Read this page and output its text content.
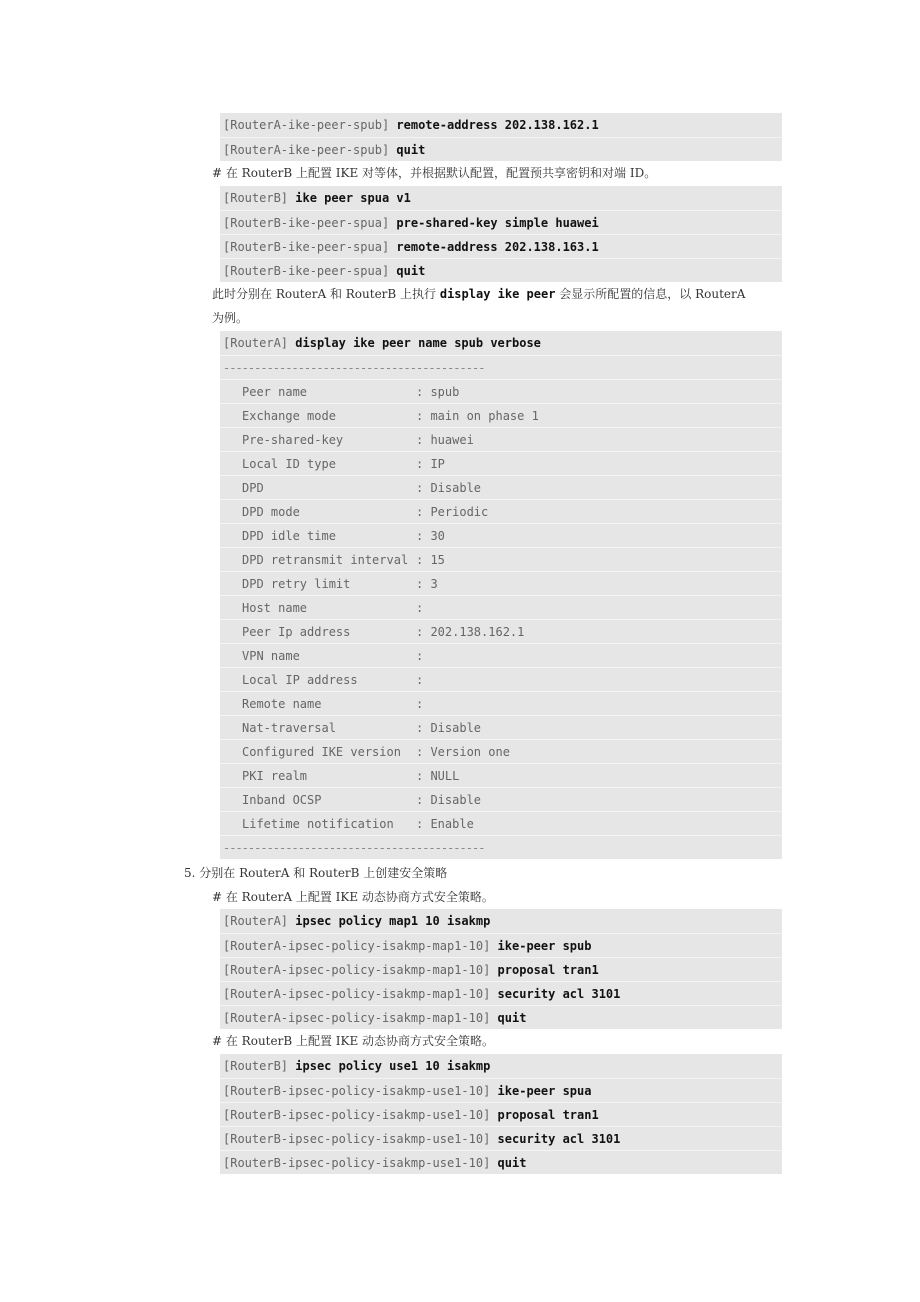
[RouterA-ike-peer-spub] remote-address 202.138.162.1
[RouterA-ike-peer-spub] quit
# 在 RouterB 上配置 IKE 对等体，并根据默认配置，配置预共享密钥和对端 ID。
[RouterB] ike peer spua v1
[RouterB-ike-peer-spua] pre-shared-key simple huawei
[RouterB-ike-peer-spua] remote-address 202.138.163.1
[RouterB-ike-peer-spua] quit
此时分别在 RouterA 和 RouterB 上执行 display ike peer 会显示所配置的信息，以 RouterA
为例。
[RouterA] display ike peer name spub verbose
------------------------------------------
Peer name	: spub
Exchange mode	: main on phase 1
Pre-shared-key	: huawei
Local ID type	: IP
DPD	: Disable
DPD mode	: Periodic
DPD idle time	: 30
DPD retransmit interval : 15
DPD retry limit	: 3
Host name	:
Peer Ip address	: 202.138.162.1
VPN name	:
Local IP address	:
Remote name	:
Nat-traversal	: Disable
Configured IKE version : Version one
PKI realm	: NULL
Inband OCSP	: Disable
Lifetime notification : Enable
------------------------------------------
5. 分别在 RouterA 和 RouterB 上创建安全策略
# 在 RouterA 上配置 IKE 动态协商方式安全策略。
[RouterA] ipsec policy map1 10 isakmp
[RouterA-ipsec-policy-isakmp-map1-10] ike-peer spub
[RouterA-ipsec-policy-isakmp-map1-10] proposal tran1
[RouterA-ipsec-policy-isakmp-map1-10] security acl 3101
[RouterA-ipsec-policy-isakmp-map1-10] quit
# 在 RouterB 上配置 IKE 动态协商方式安全策略。
[RouterB] ipsec policy use1 10 isakmp
[RouterB-ipsec-policy-isakmp-use1-10] ike-peer spua
[RouterB-ipsec-policy-isakmp-use1-10] proposal tran1
[RouterB-ipsec-policy-isakmp-use1-10] security acl 3101
[RouterB-ipsec-policy-isakmp-use1-10] quit
